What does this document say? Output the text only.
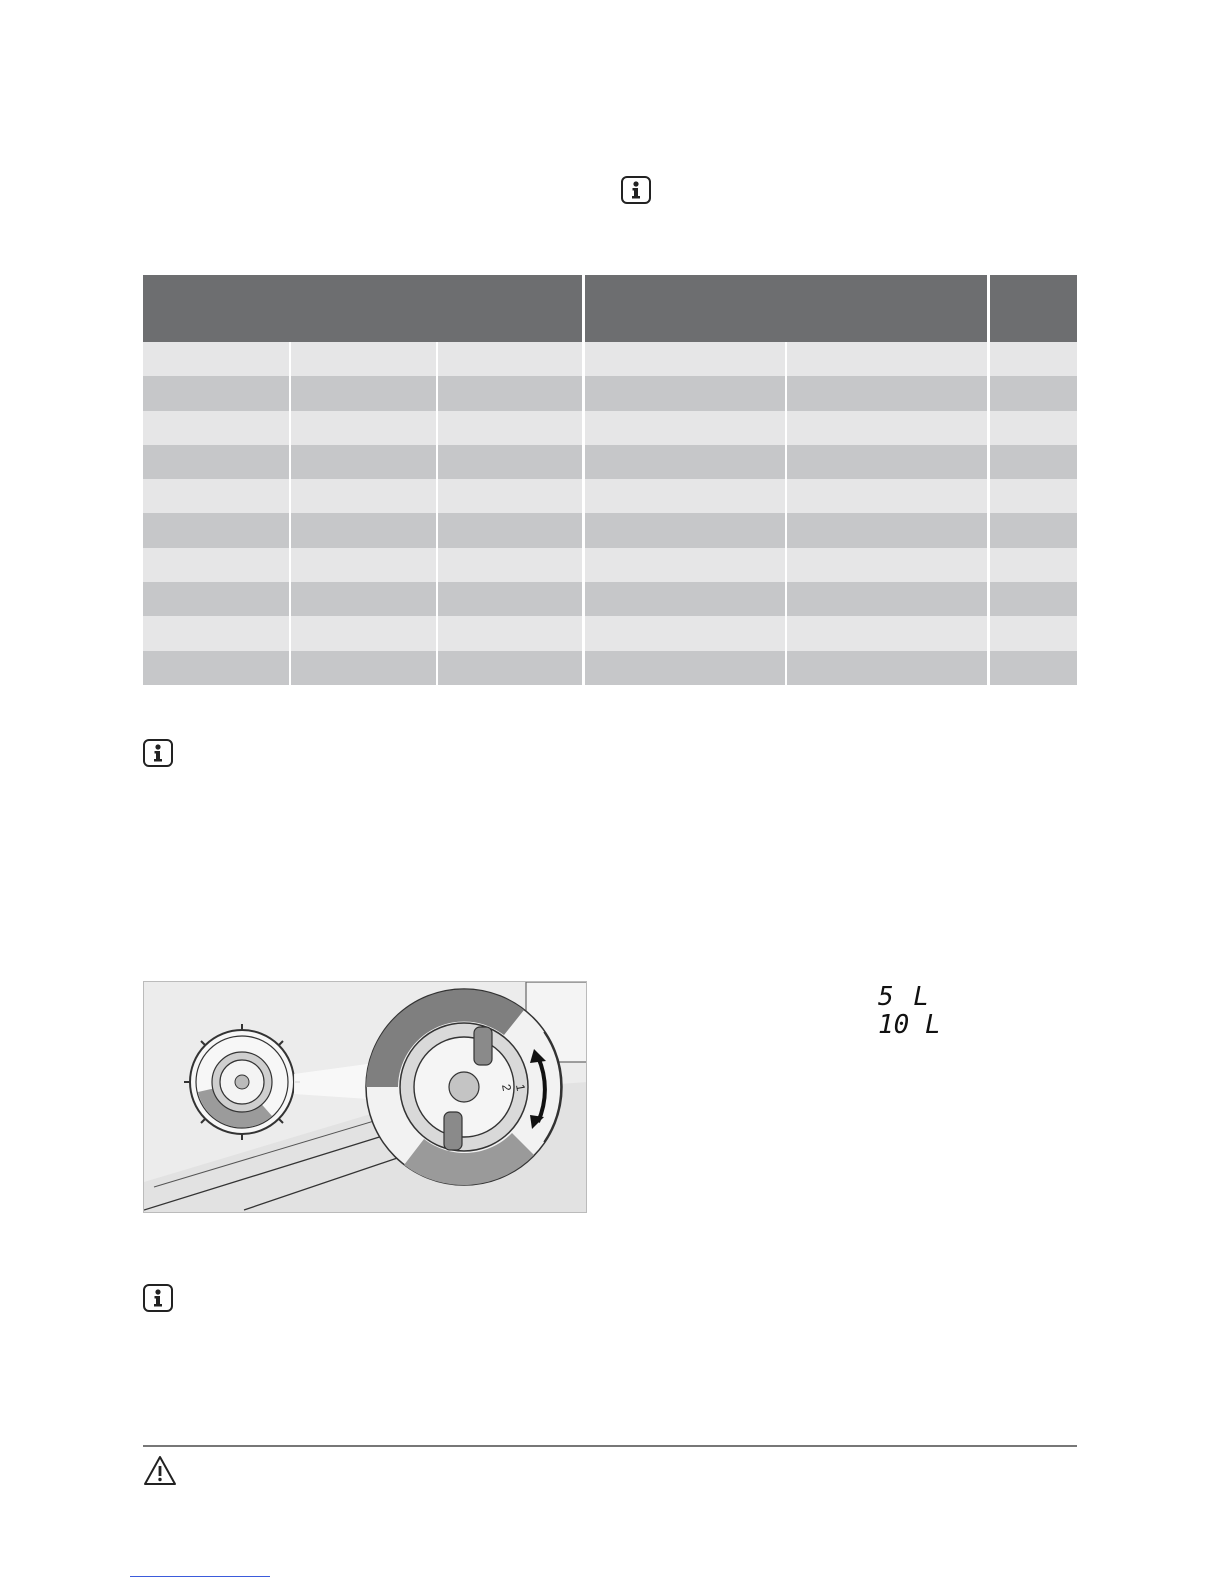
2 1
5 L
10 L
